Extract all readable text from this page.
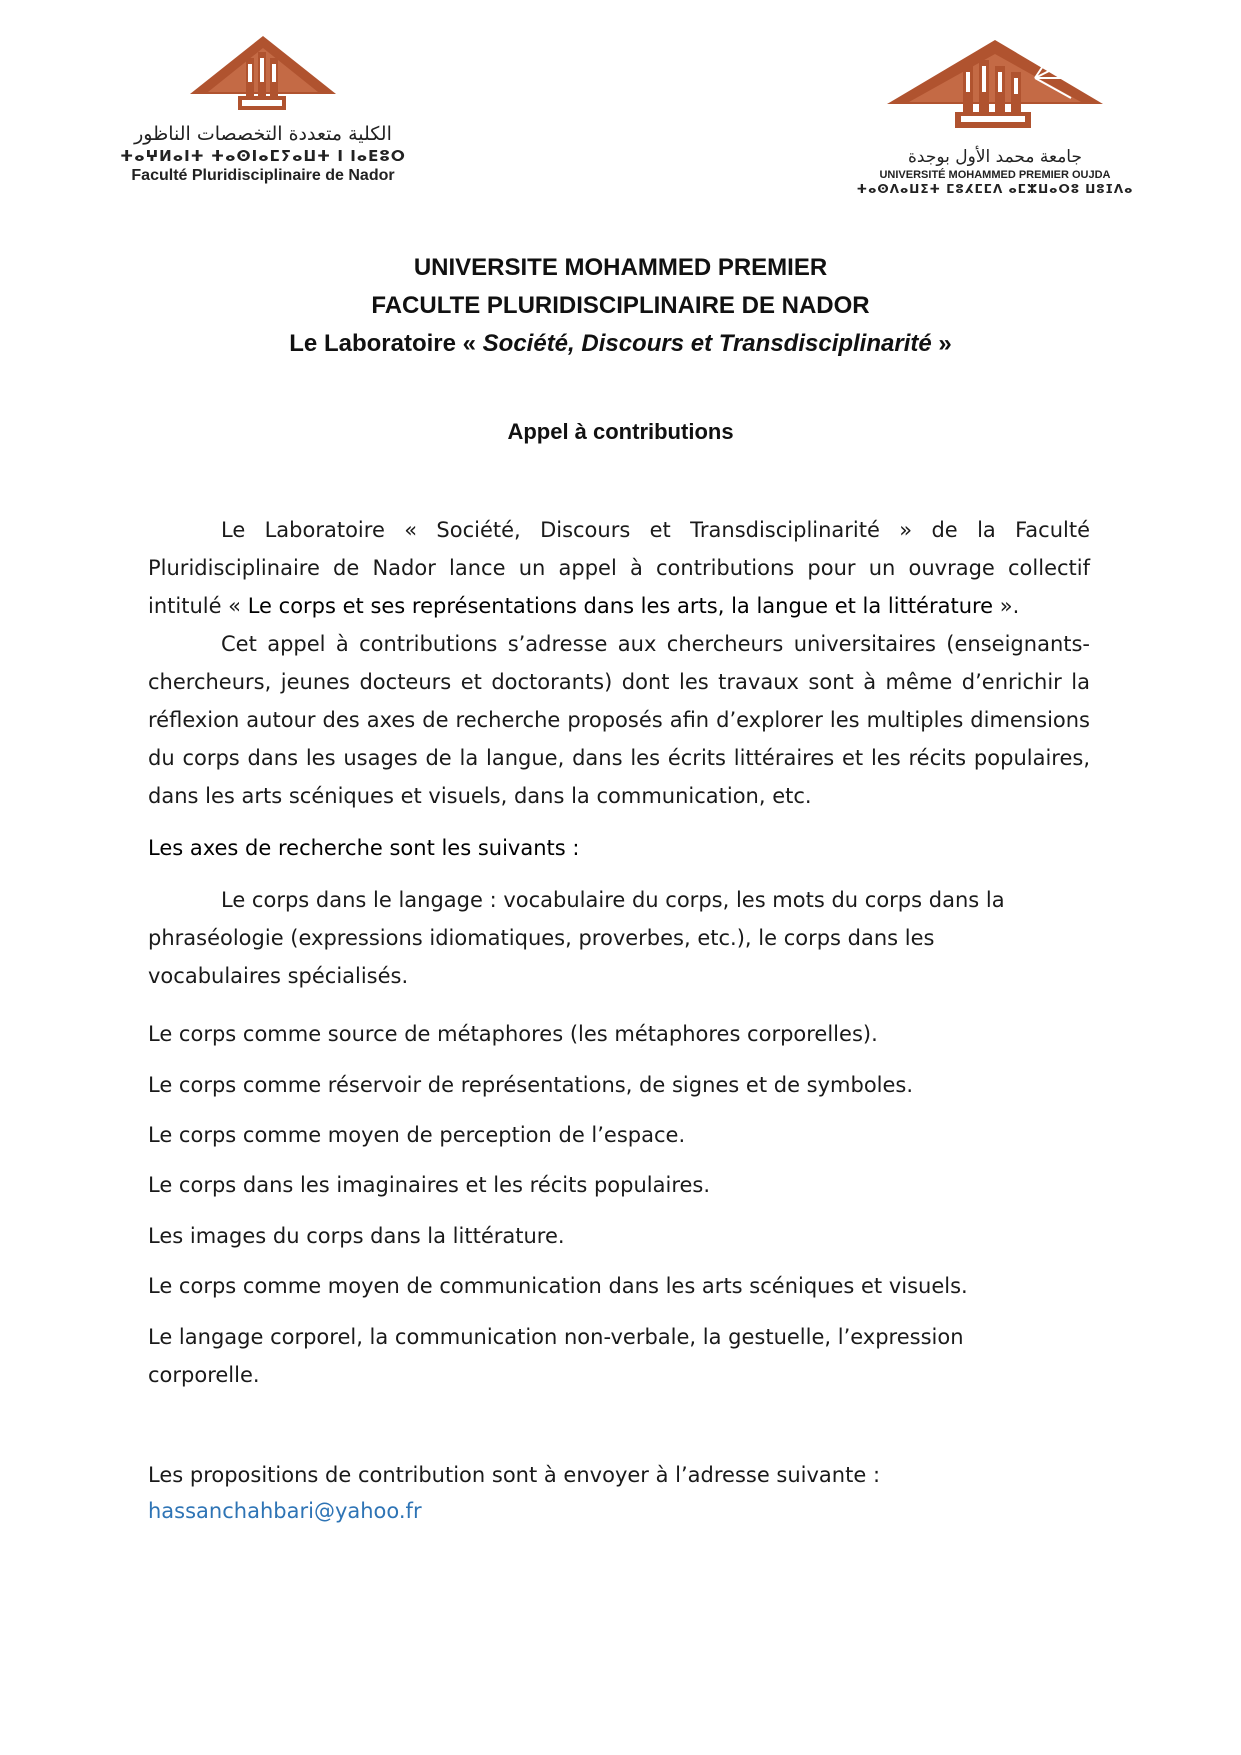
الكلية متعددة التخصصات الناظور
ⵜⴰⵖⵍⴰⵏⵜ ⵜⴰⵙⵏⴰⵎⵢⴰⵡⵜ ⵏ ⵏⴰⴹⵓⵔ
Faculté Pluridisciplinaire de Nador
جامعة محمد الأول بوجدة
UNIVERSITÉ MOHAMMED PREMIER OUJDA
ⵜⴰⵙⴷⴰⵡⵉⵜ ⵎⵓⵃⵎⵎⴷ ⴰⵎⵣⵡⴰⵔⵓ ⵡⵓⵊⴷⴰ
UNIVERSITE MOHAMMED PREMIER
FACULTE PLURIDISCIPLINAIRE DE NADOR
Le Laboratoire « Société, Discours et Transdisciplinarité »
Appel à contributions
Le Laboratoire « Société, Discours et Transdisciplinarité » de la Faculté Pluridisciplinaire de Nador lance un appel à contributions pour un ouvrage collectif intitulé « Le corps et ses représentations dans les arts, la langue et la littérature ».
Cet appel à contributions s’adresse aux chercheurs universitaires (enseignants-chercheurs, jeunes docteurs et doctorants) dont les travaux sont à même d’enrichir la réflexion autour des axes de recherche proposés afin d’explorer les multiples dimensions du corps dans les usages de la langue, dans les écrits littéraires et les récits populaires, dans les arts scéniques et visuels, dans la communication, etc.
Les axes de recherche sont les suivants :
Le corps dans le langage : vocabulaire du corps, les mots du corps dans la phraséologie (expressions idiomatiques, proverbes, etc.), le corps dans les vocabulaires spécialisés.
Le corps comme source de métaphores (les métaphores corporelles).
Le corps comme réservoir de représentations, de signes et de symboles.
Le corps comme moyen de perception de l’espace.
Le corps dans les imaginaires et les récits populaires.
Les images du corps dans la littérature.
Le corps comme moyen de communication dans les arts scéniques et visuels.
Le langage corporel, la communication non-verbale, la gestuelle, l’expression corporelle.
Les propositions de contribution sont à envoyer à l’adresse suivante :
hassanchahbari@yahoo.fr
